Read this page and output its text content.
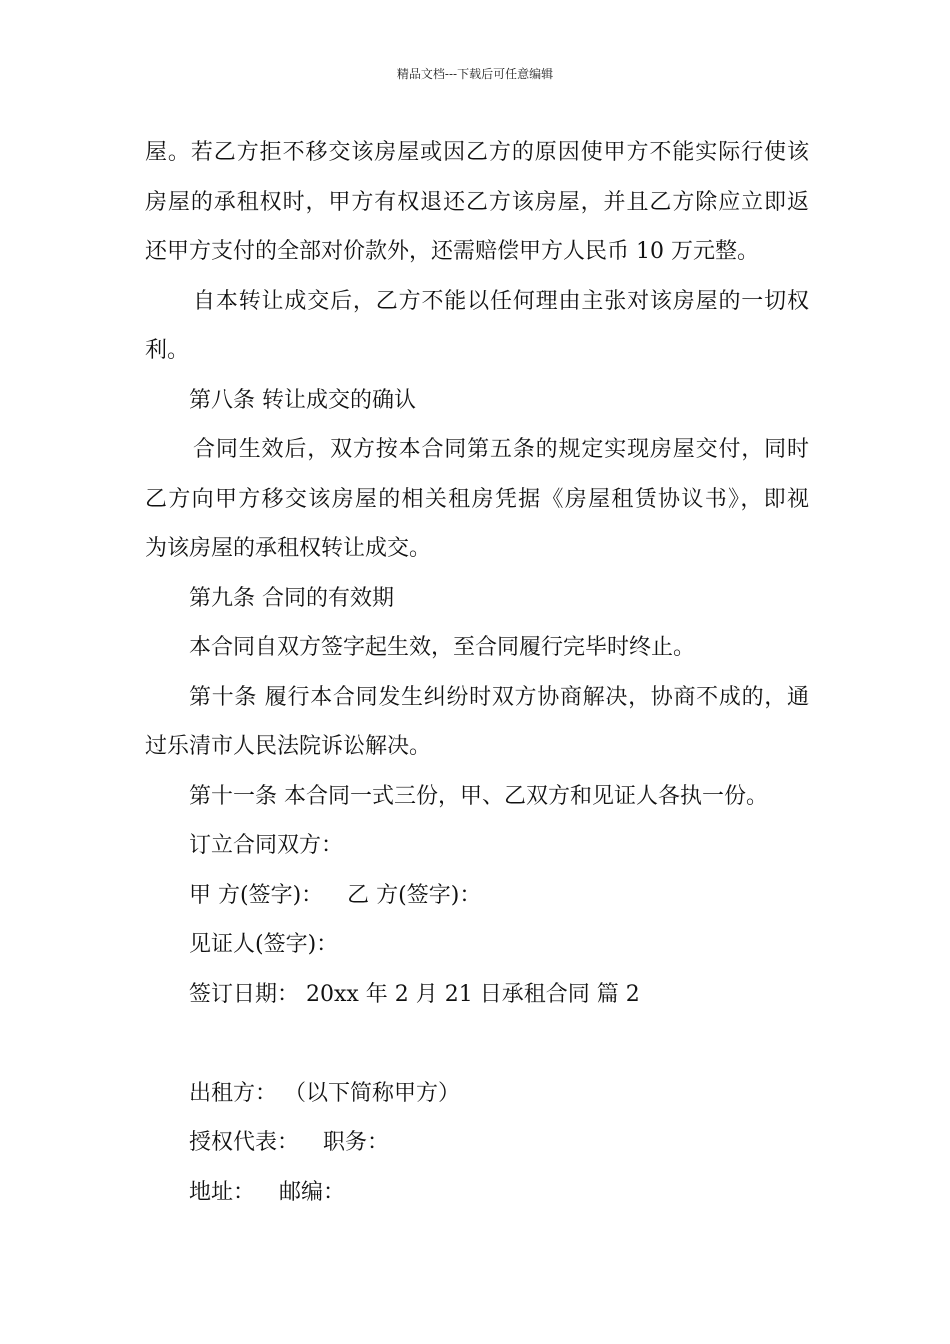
精品文档---下载后可任意编辑
屋。若乙方拒不移交该房屋或因乙方的原因使甲方不能实际行使该
房屋的承租权时，甲方有权退还乙方该房屋，并且乙方除应立即返
还甲方支付的全部对价款外，还需赔偿甲方人民币 10 万元整。
自本转让成交后，乙方不能以任何理由主张对该房屋的一切权
利。
第八条 转让成交的确认
合同生效后，双方按本合同第五条的规定实现房屋交付，同时
乙方向甲方移交该房屋的相关租房凭据《房屋租赁协议书》，即视
为该房屋的承租权转让成交。
第九条 合同的有效期
本合同自双方签字起生效，至合同履行完毕时终止。
第十条 履行本合同发生纠纷时双方协商解决，协商不成的，通
过乐清市人民法院诉讼解决。
第十一条 本合同一式三份，甲、乙双方和见证人各执一份。
订立合同双方：
甲 方(签字)： 乙 方(签字)：
见证人(签字)：
签订日期： 20xx 年 2 月 21 日承租合同 篇 2
出租方： （以下简称甲方）
授权代表： 职务：
地址： 邮编：
